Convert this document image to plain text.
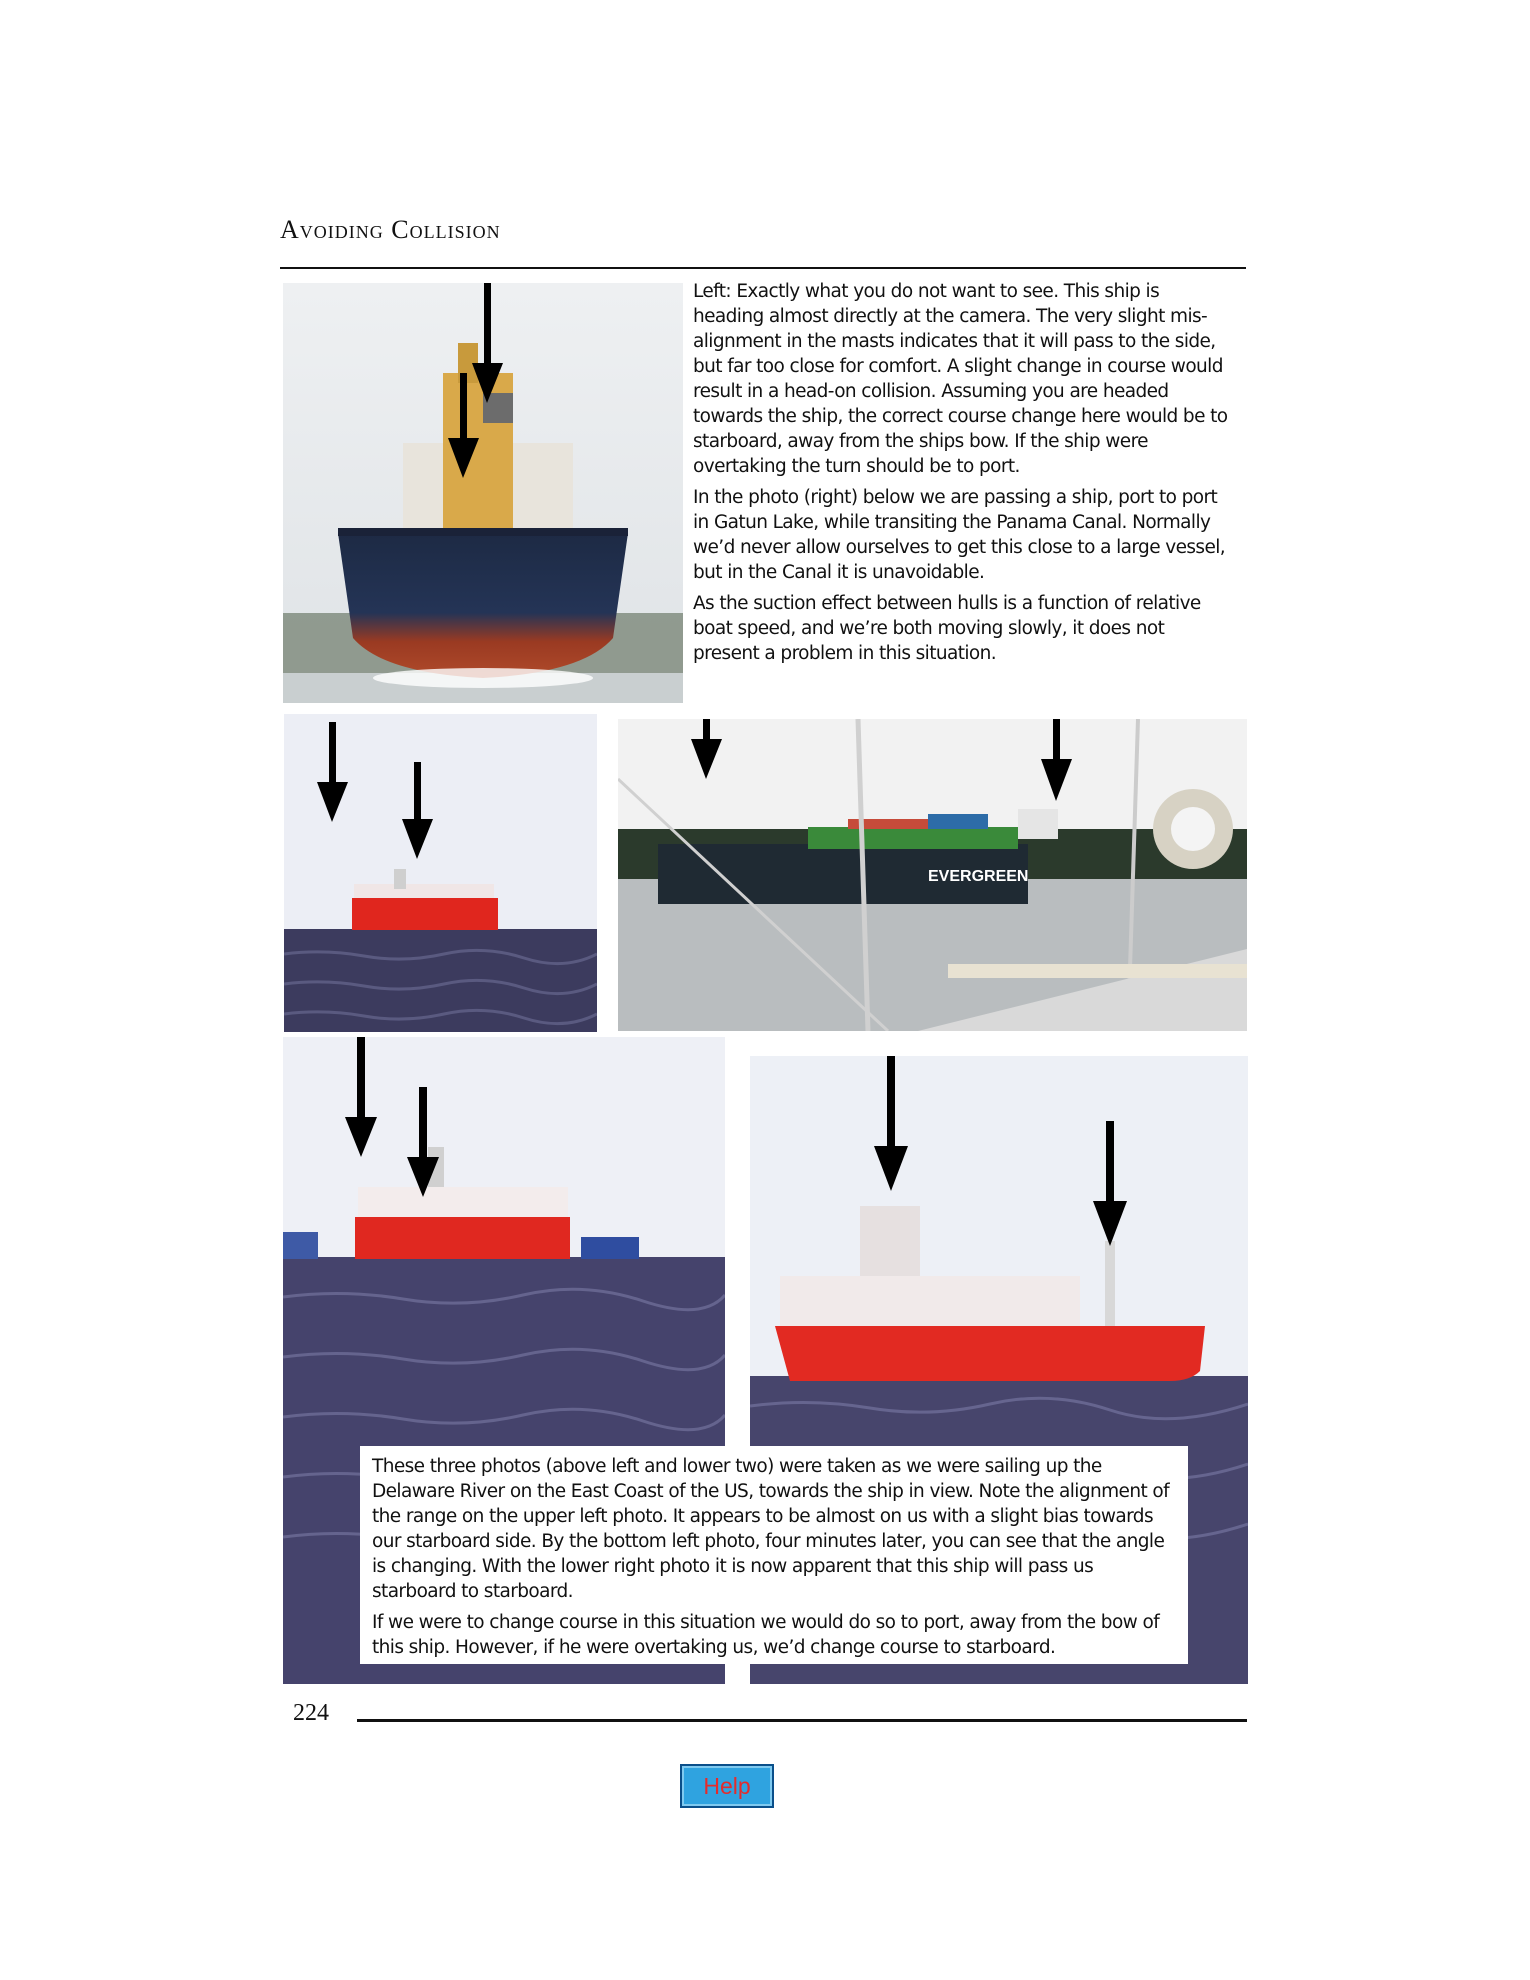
Avoiding Collision

Left: Exactly what you do not want to see. This ship is heading almost directly at the camera. The very slight mis-alignment in the masts indicates that it will pass to the side, but far too close for comfort. A slight change in course would result in a head-on collision. Assuming you are headed towards the ship, the correct course change here would be to starboard, away from the ships bow. If the ship were overtaking the turn should be to port.

In the photo (right) below we are passing a ship, port to port in Gatun Lake, while transiting the Panama Canal. Normally we’d never allow ourselves to get this close to a large vessel, but in the Canal it is unavoidable.

As the suction effect between hulls is a function of relative boat speed, and we’re both moving slowly, it does not present a problem in this situation.

EVERGREEN

These three photos (above left and lower two) were taken as we were sailing up the Delaware River on the East Coast of the US, towards the ship in view. Note the alignment of the range on the upper left photo. It appears to be almost on us with a slight bias towards our starboard side. By the bottom left photo, four minutes later, you can see that the angle is changing. With the lower right photo it is now apparent that this ship will pass us starboard to starboard.

If we were to change course in this situation we would do so to port, away from the bow of this ship. However, if he were overtaking us, we’d change course to starboard.

224
Help
